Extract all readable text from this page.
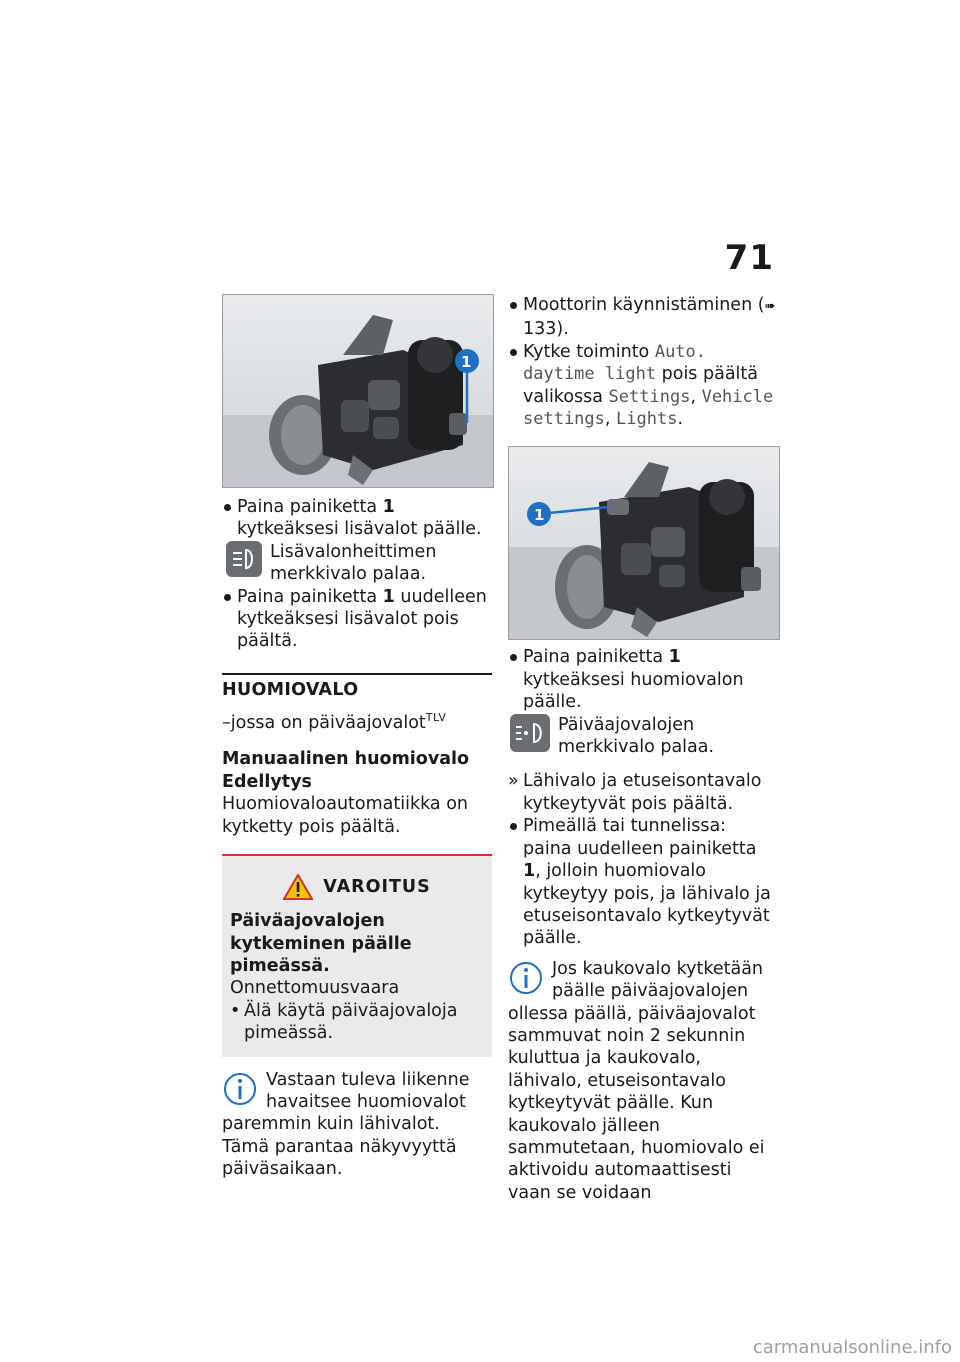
71
1
Paina painiketta 1 kytkeäksesi lisävalot päälle.
Lisävalonheittimen merkkivalo palaa.
Paina painiketta 1 uudelleen kytkeäksesi lisävalot pois päältä.
HUOMIOVALO
–jossa on päiväajovalot$^{TLV}$
Manuaalinen huomiovalo
Edellytys
Huomiovaloautomatiikka on kytketty pois päältä.
VAROITUS
Päiväajovalojen kytkeminen päälle pimeässä.
Onnettomuusvaara
• Älä käytä päiväajovaloja pimeässä.
Vastaan tuleva liikenne havaitsee huomiovalot paremmin kuin lähivalot. Tämä parantaa näkyvyyttä päiväsaikaan.
Moottorin käynnistäminen (➠ 133).
Kytke toiminto Auto. daytime light pois päältä valikossa Settings, Vehicle settings, Lights.
1
Paina painiketta 1 kytkeäksesi huomiovalon päälle.
Päiväajovalojen merkkivalo palaa.
» Lähivalo ja etuseisontavalo kytkeytyvät pois päältä.
Pimeällä tai tunnelissa: paina uudelleen painiketta 1, jolloin huomiovalo kytkeytyy pois, ja lähivalo ja etuseisontavalo kytkeytyvät päälle.
Jos kaukovalo kytketään päälle päiväajovalojen ollessa päällä, päiväajovalot sammuvat noin 2 sekunnin kuluttua ja kaukovalo, lähivalo, etuseisontavalo kytkeytyvät päälle. Kun kaukovalo jälleen sammutetaan, huomiovalo ei aktivoidu automaattisesti vaan se voidaan
carmanualsonline.info
